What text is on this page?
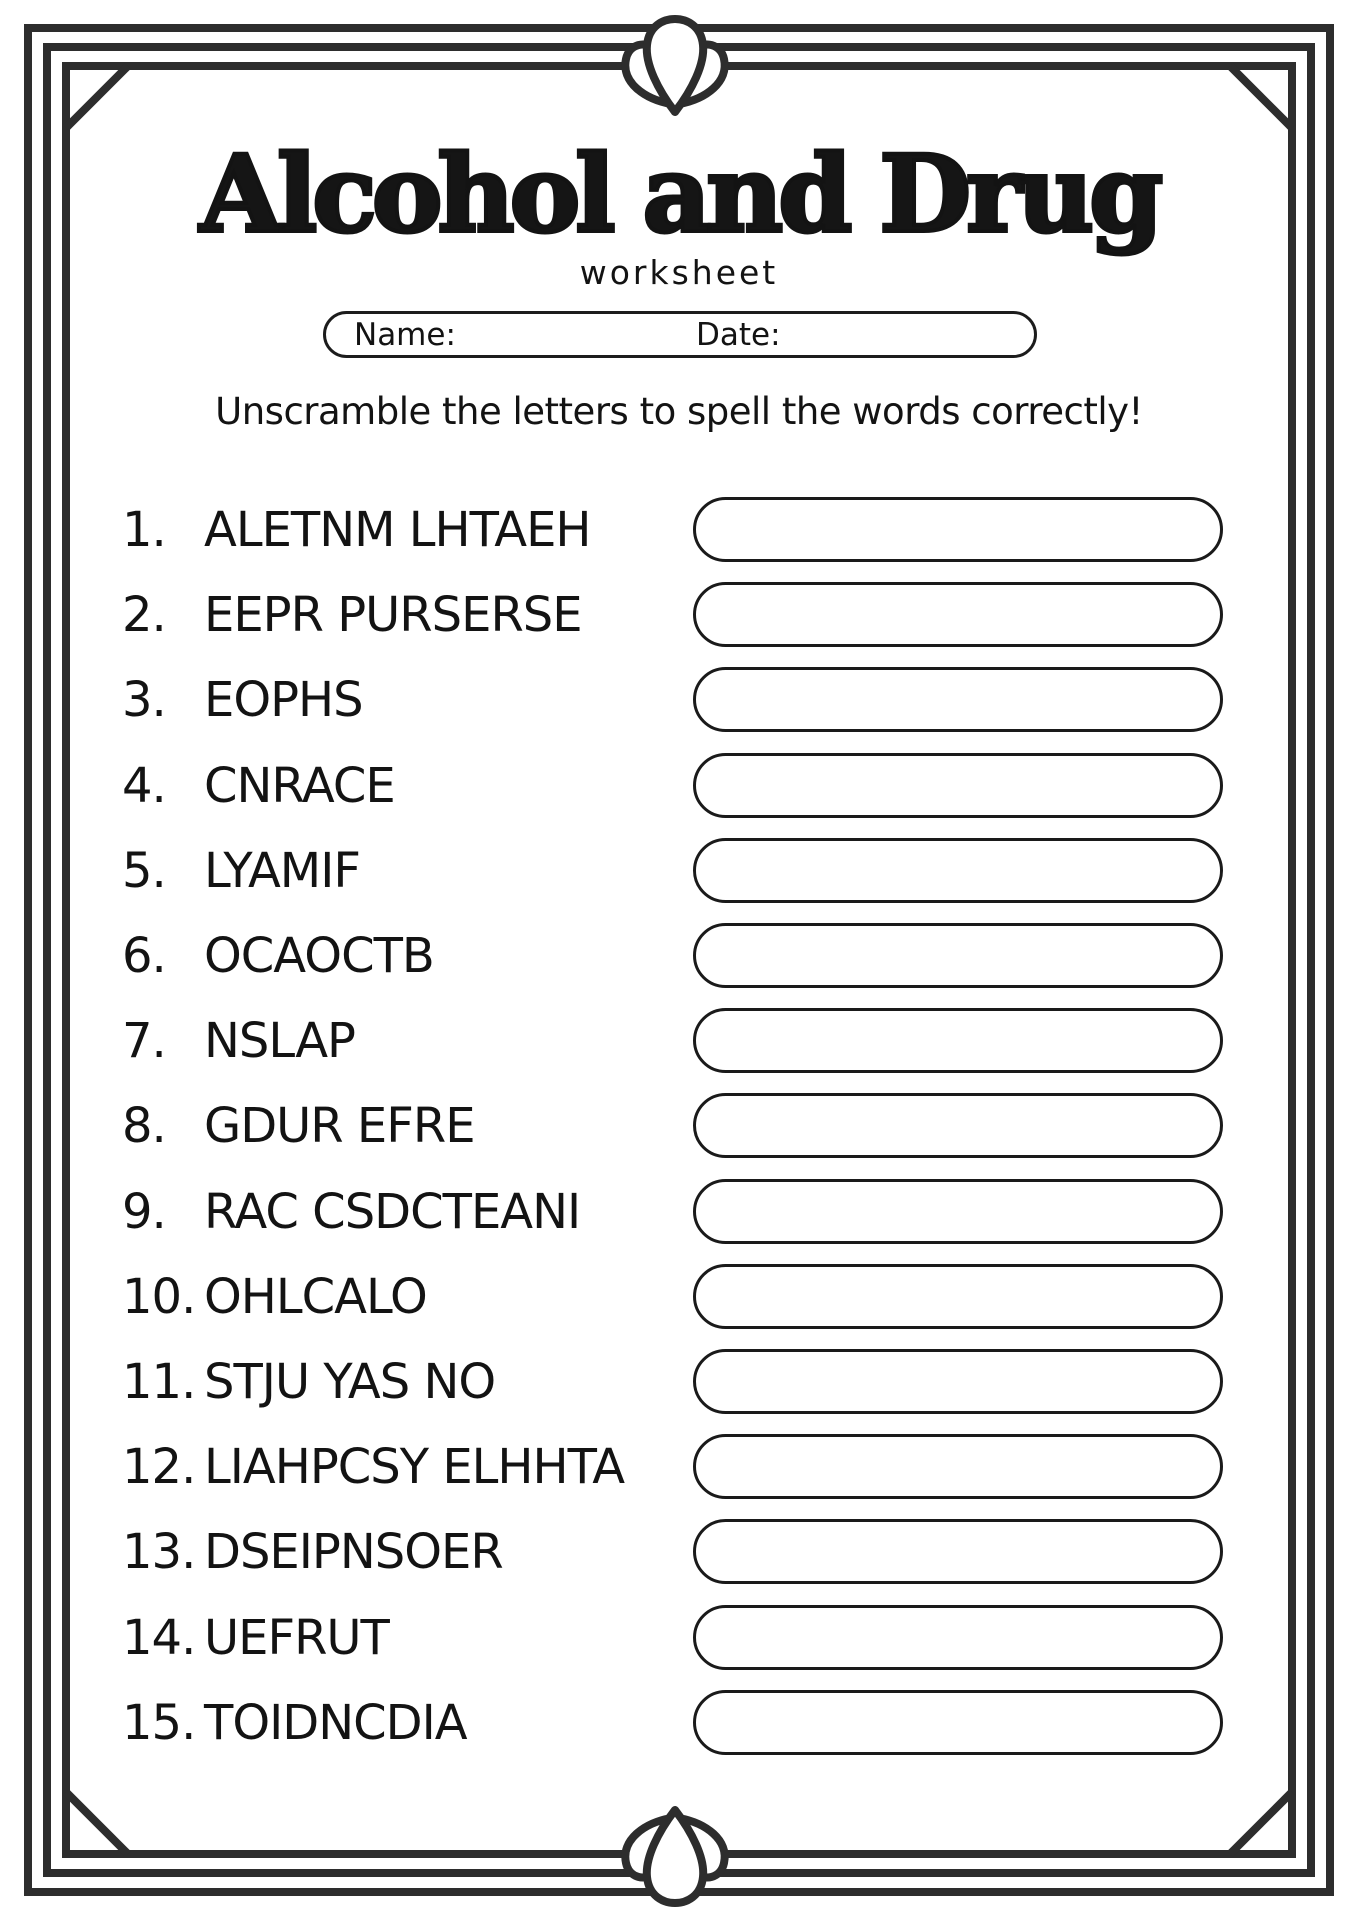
Alcohol and Drug
worksheet
Name:	Date:
Unscramble the letters to spell the words correctly!
1. ALETNM LHTAEH
2. EEPR PURSERSE
3. EOPHS
4. CNRACE
5. LYAMIF
6. OCAOCTB
7. NSLAP
8. GDUR EFRE
9. RAC CSDCTEANI
10. OHLCALO
11. STJU YAS NO
12. LIAHPCSY ELHHTA
13. DSEIPNSOER
14. UEFRUT
15. TOIDNCDIA
